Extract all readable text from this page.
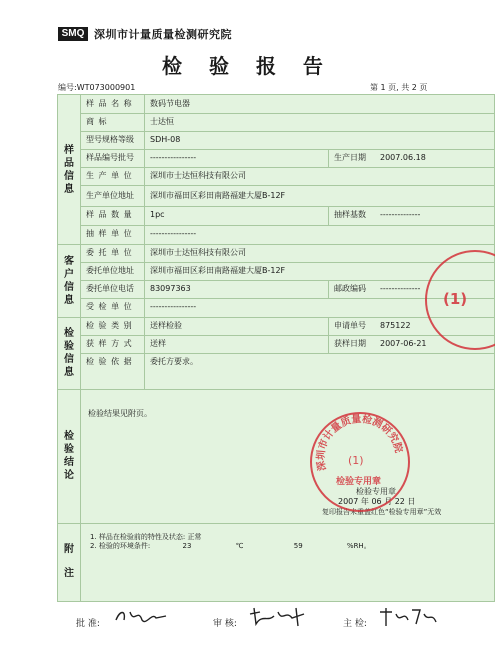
SMQ 深圳市计量质量检测研究院
检 验 报 告
编号:WT073000901	第 1 页, 共 2 页
样品信息
客户信息
检验信息
检验结论
附注
样 品 名 称 数码节电器
商 标	士达恒
型号规格等级 SDH-08
样品编号批号 ----------------	生产日期 2007.06.18
生 产 单 位 深圳市士达恒科技有限公司
生产单位地址 深圳市福田区彩田南路福建大厦B-12F
样 品 数 量 1pc	抽样基数 --------------
抽 样 单 位 ----------------
委 托 单 位 深圳市士达恒科技有限公司
委托单位地址 深圳市福田区彩田南路福建大厦B-12F
委托单位电话 83097363	邮政编码 --------------
受 检 单 位 ----------------
检 验 类 别 送样检验	申请单号 875122
获 样 方 式 送样	获样日期 2007-06-21
检 验 依 据 委托方要求。
检验结果见附页。
检验专用章
2007 年 06 月 22 日
复印报告未重盖红色“检验专用章”无效
1. 样品在检验前的特性及状态: 正常
2. 检验的环境条件:	23	℃	59	%RH。
(1)
深圳市计量质量检测研究院
(1)
检验专用章
批 准:	审 核:	主 检:
